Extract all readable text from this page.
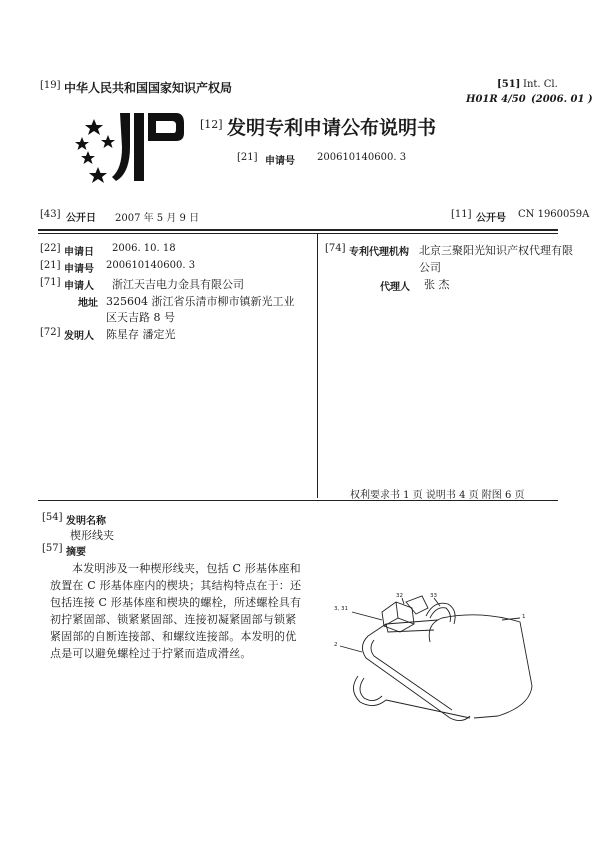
[19] 中华人民共和国国家知识产权局	[51] Int. Cl.
H01R 4/50 (2006. 01 )
[12] 发明专利申请公布说明书
[21] 申请号 200610140600. 3
[43] 公开日 2007 年 5 月 9 日	[11] 公开号 CN 1960059A
[22] 申请日 2006. 10. 18
[21] 申请号 200610140600. 3
[71] 申请人 浙江天吉电力金具有限公司
地址 325604 浙江省乐清市柳市镇新光工业
区天吉路 8 号
[72] 发明人 陈星存 潘定光
[74] 专利代理机构 北京三聚阳光知识产权代理有限
公司
代理人 张 杰
权利要求书 1 页 说明书 4 页 附图 6 页
[54] 发明名称
楔形线夹
[57] 摘要
本发明涉及一种楔形线夹，包括 C 形基体座和放置在 C 形基体座内的楔块；其结构特点在于：还包括连接 C 形基体座和楔块的螺栓，所述螺栓具有初拧紧固部、锁紧紧固部、连接初凝紧固部与锁紧紧固部的自断连接部、和螺纹连接部。本发明的优点是可以避免螺栓过于拧紧而造成滑丝。
3, 31
32	33
1
2
